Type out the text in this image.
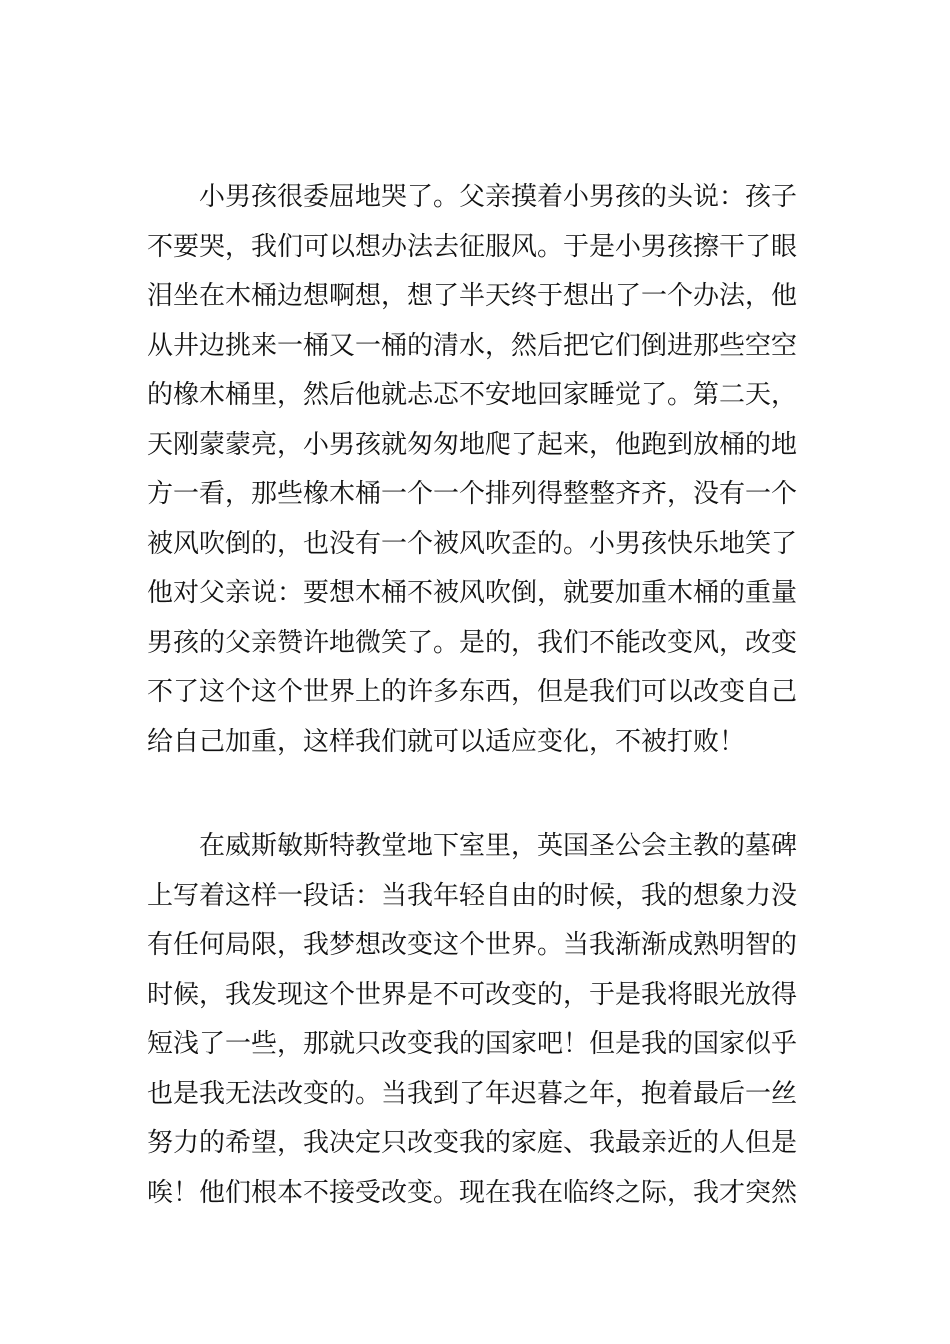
小男孩很委屈地哭了。父亲摸着小男孩的头说：孩子
不要哭，我们可以想办法去征服风。于是小男孩擦干了眼
泪坐在木桶边想啊想，想了半天终于想出了一个办法，他
从井边挑来一桶又一桶的清水，然后把它们倒进那些空空
的橡木桶里，然后他就忐忑不安地回家睡觉了。第二天，
天刚蒙蒙亮，小男孩就匆匆地爬了起来，他跑到放桶的地
方一看，那些橡木桶一个一个排列得整整齐齐，没有一个
被风吹倒的，也没有一个被风吹歪的。小男孩快乐地笑了
他对父亲说：要想木桶不被风吹倒，就要加重木桶的重量
男孩的父亲赞许地微笑了。是的，我们不能改变风，改变
不了这个这个世界上的许多东西，但是我们可以改变自己
给自己加重，这样我们就可以适应变化，不被打败！
在威斯敏斯特教堂地下室里，英国圣公会主教的墓碑
上写着这样一段话：当我年轻自由的时候，我的想象力没
有任何局限，我梦想改变这个世界。当我渐渐成熟明智的
时候，我发现这个世界是不可改变的，于是我将眼光放得
短浅了一些，那就只改变我的国家吧！但是我的国家似乎
也是我无法改变的。当我到了年迟暮之年，抱着最后一丝
努力的希望，我决定只改变我的家庭、我最亲近的人但是
唉！他们根本不接受改变。现在我在临终之际，我才突然
